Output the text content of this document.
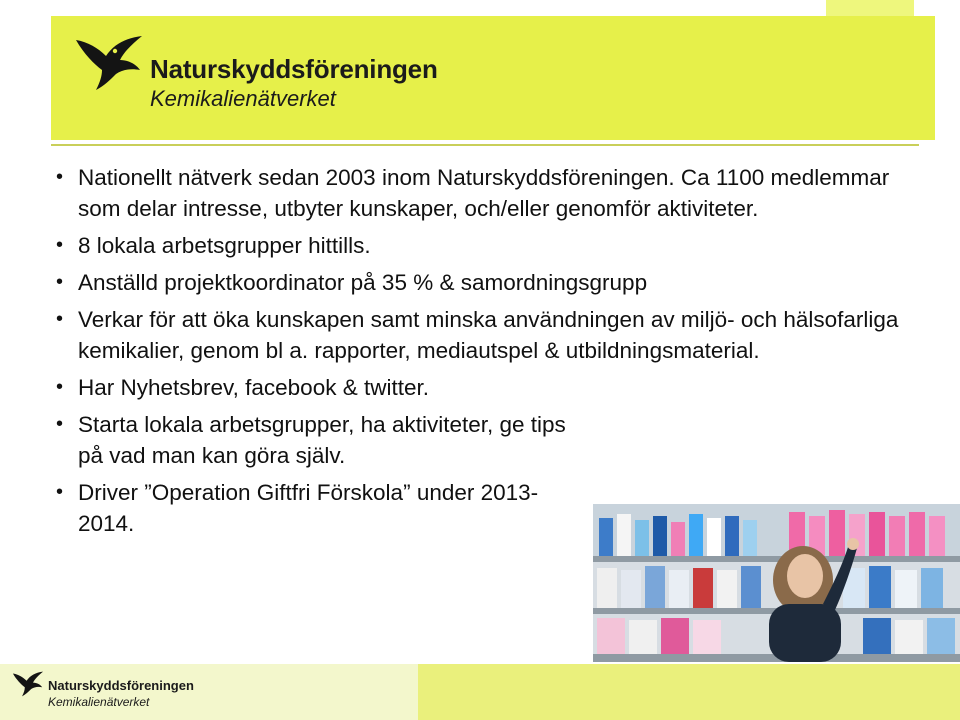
Naturskyddsföreningen
Kemikalienätverket
• Nationellt nätverk sedan 2003 inom Naturskyddsföreningen. Ca 1100 medlemmar som delar intresse, utbyter kunskaper, och/eller genomför aktiviteter.
• 8 lokala arbetsgrupper hittills.
• Anställd projektkoordinator på 35 % & samordningsgrupp
• Verkar för att öka kunskapen samt minska användningen av miljö- och hälsofarliga kemikalier, genom bl a. rapporter, mediautspel & utbildningsmaterial.
• Har Nyhetsbrev, facebook & twitter.
• Starta lokala arbetsgrupper, ha aktiviteter, ge tips på vad man kan göra själv.
• Driver ”Operation Giftfri Förskola” under 2013-2014.
Naturskyddsföreningen
Kemikalienätverket
